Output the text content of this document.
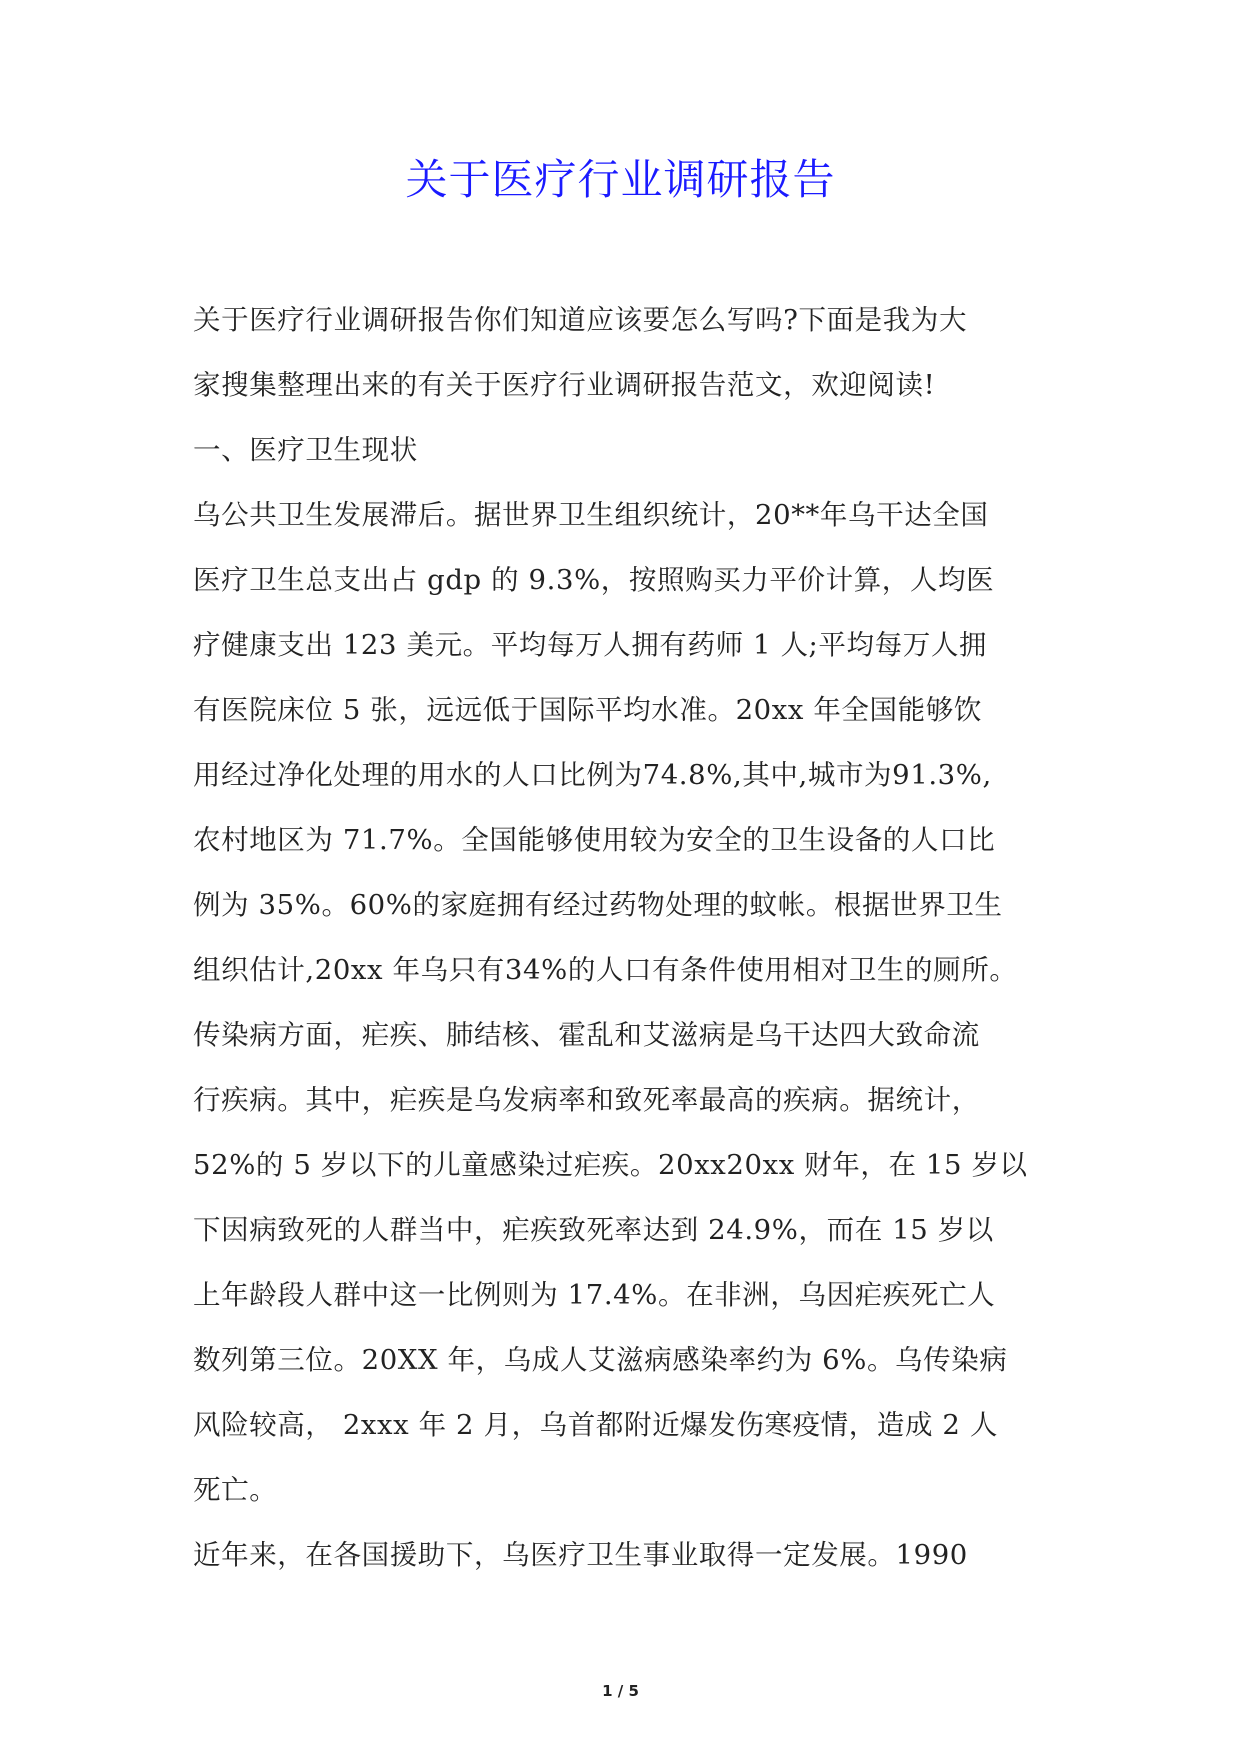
关于医疗行业调研报告
关于医疗行业调研报告你们知道应该要怎么写吗?下面是我为大
家搜集整理出来的有关于医疗行业调研报告范文，欢迎阅读!
一、医疗卫生现状
乌公共卫生发展滞后。据世界卫生组织统计，20**年乌干达全国
医疗卫生总支出占 gdp 的 9.3%，按照购买力平价计算，人均医
疗健康支出 123 美元。平均每万人拥有药师 1 人;平均每万人拥
有医院床位 5 张，远远低于国际平均水准。20xx 年全国能够饮
用经过净化处理的用水的人口比例为74.8%,其中,城市为91.3%,
农村地区为 71.7%。全国能够使用较为安全的卫生设备的人口比
例为 35%。60%的家庭拥有经过药物处理的蚊帐。根据世界卫生
组织估计,20xx 年乌只有34%的人口有条件使用相对卫生的厕所。
传染病方面，疟疾、肺结核、霍乱和艾滋病是乌干达四大致命流
行疾病。其中，疟疾是乌发病率和致死率最高的疾病。据统计，
52%的 5 岁以下的儿童感染过疟疾。20xx20xx 财年，在 15 岁以
下因病致死的人群当中，疟疾致死率达到 24.9%，而在 15 岁以
上年龄段人群中这一比例则为 17.4%。在非洲，乌因疟疾死亡人
数列第三位。20XX 年，乌成人艾滋病感染率约为 6%。乌传染病
风险较高， 2xxx 年 2 月，乌首都附近爆发伤寒疫情，造成 2 人
死亡。
近年来，在各国援助下，乌医疗卫生事业取得一定发展。1990
1 / 5
